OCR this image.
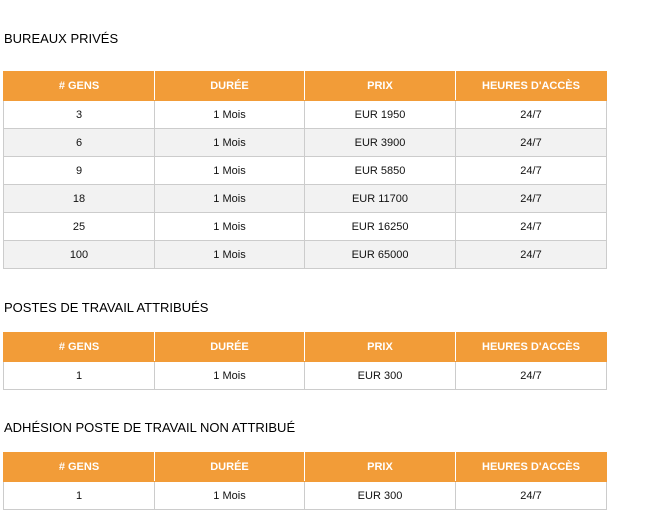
BUREAUX PRIVÉS
# GENS	DURÉE	PRIX	HEURES D'ACCÈS
3	1 Mois	EUR 1950	24/7
6	1 Mois	EUR 3900	24/7
9	1 Mois	EUR 5850	24/7
18	1 Mois	EUR 11700	24/7
25	1 Mois	EUR 16250	24/7
100	1 Mois	EUR 65000	24/7
POSTES DE TRAVAIL ATTRIBUÉS
# GENS	DURÉE	PRIX	HEURES D'ACCÈS
1	1 Mois	EUR 300	24/7
ADHÉSION POSTE DE TRAVAIL NON ATTRIBUÉ
# GENS	DURÉE	PRIX	HEURES D'ACCÈS
1	1 Mois	EUR 300	24/7
